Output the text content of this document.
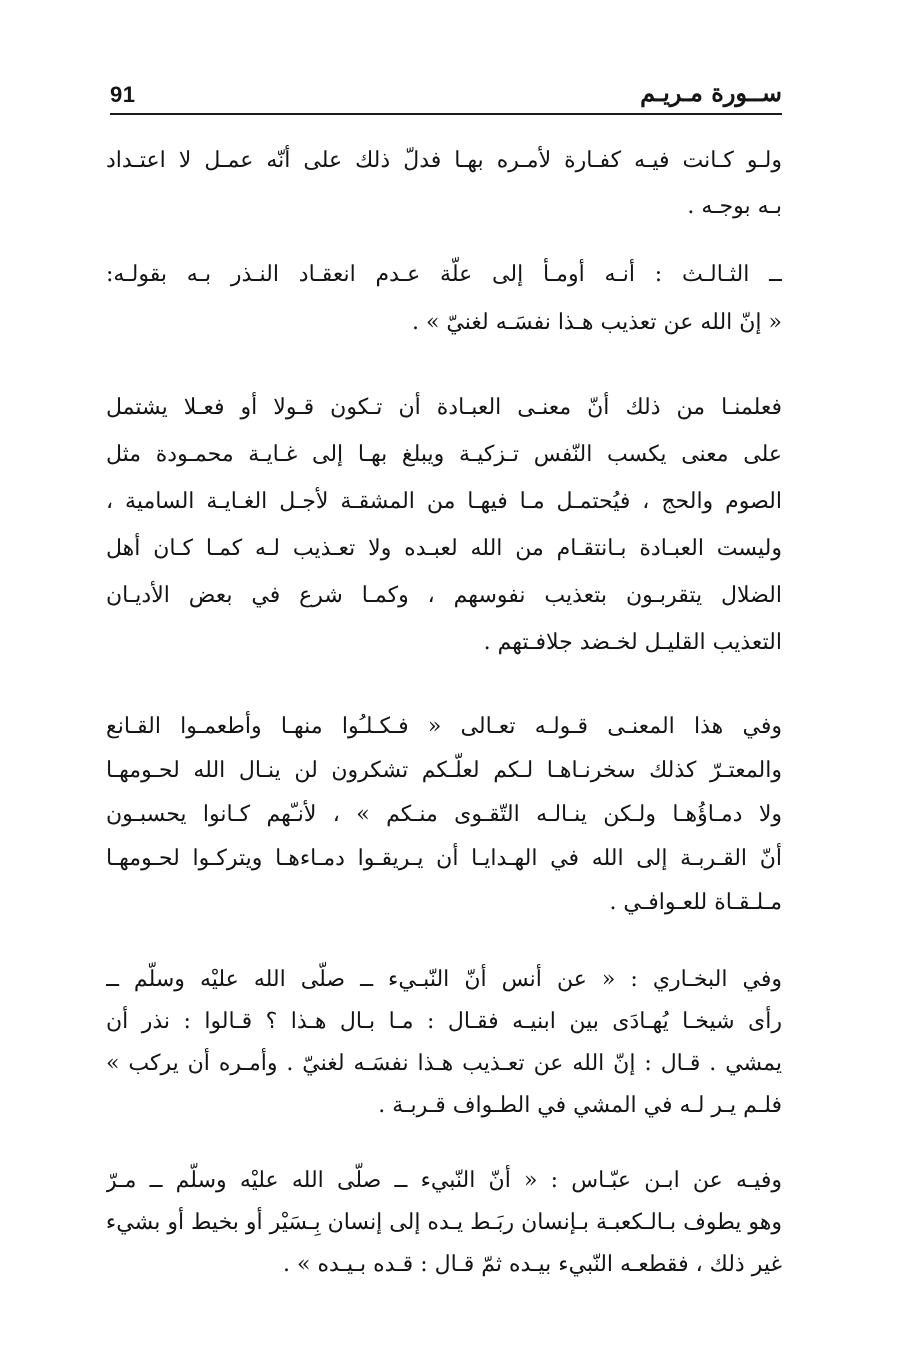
91	ســورة مـريـم

ولـو كـانت فيـه كفـارة لأمـره بهـا فدلّ ذلك على أنّه عمـل لا اعتـداد
بـه بوجـه .

ــ الثـالـث : أنـه أومـأ إلى علّة عـدم انعقـاد النـذر بـه بقولـه:
« إنّ الله عن تعذيب هـذا نفسَـه لغنيّ » .

فعلمنـا من ذلك أنّ معنـى العبـادة أن تـكون قـولا أو فعـلا يشتمل
على معنى يكسب النّفس تـزكيـة ويبلغ بهـا إلى غـايـة محمـودة مثل
الصوم والحج ، فيُحتمـل مـا فيهـا من المشقـة لأجـل الغـايـة السامية ،
وليست العبـادة بـانتقـام من الله لعبـده ولا تعـذيب لـه كمـا كـان أهل
الضلال يتقربـون بتعذيب نفوسهم ، وكمـا شرع في بعض الأديـان
التعذيب القليـل لخـضد جلافـتهم .

وفي هذا المعنـى قـولـه تعـالى « فـكـلـُوا منهـا وأطعمـوا القـانع
والمعتـرّ كذلك سخرنـاهـا لـكم لعلّـكم تشكرون لن ينـال الله لحـومهـا
ولا دمـاؤُهـا ولـكن ينـالـه التّقـوى منـكم » ، لأنـّهم كـانوا يحسبـون
أنّ القـربـة إلى الله في الهـدايـا أن يـريقـوا دمـاءهـا ويتركـوا لحـومهـا
مـلـقـاة للعـوافـي .

وفي البخـاري : « عن أنس أنّ النّبـيء ــ صلّى الله عليْه وسلّم ــ
رأى شيخـا يُهـادَى بين ابنيـه فقـال : مـا بـال هـذا ؟ قـالوا : نذر أن
يمشي . قـال : إنّ الله عن تعـذيب هـذا نفسَـه لغنيّ . وأمـره أن يركب »
فلـم يـر لـه في المشي في الطـواف قـربـة .

وفيـه عن ابـن عبّـاس : « أنّ النّبيء ــ صلّى الله عليْه وسلّم ــ مـرّ
وهو يطوف بـالـكعبـة بـإنسان ربَـط يـده إلى إنسان بِـسَيْر أو بخيط أو بشيء
غير ذلك ، فقطعـه النّبيء بيـده ثمّ قـال : قـده بـيـده » .
